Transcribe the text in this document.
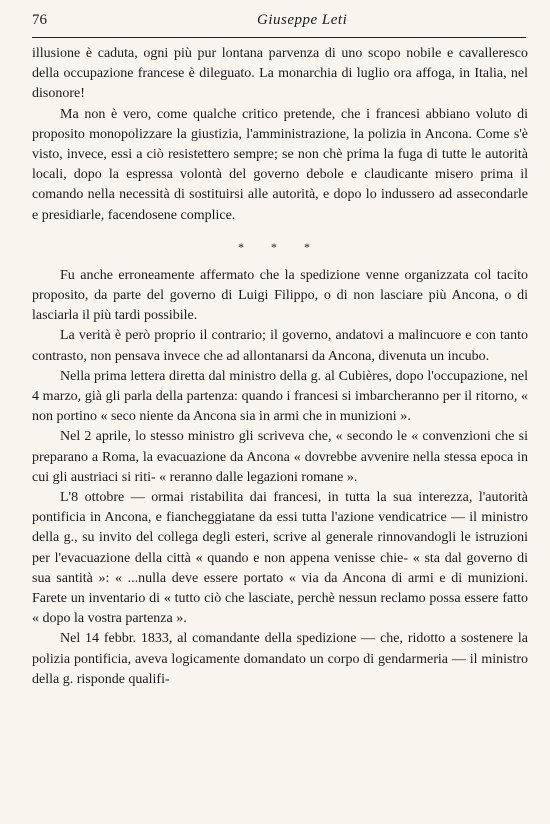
76	Giuseppe Leti

illusione è caduta, ogni più pur lontana parvenza di uno scopo nobile e cavalleresco della occupazione francese è dileguato. La monarchia di luglio ora affoga, in Italia, nel disonore!

Ma non è vero, come qualche critico pretende, che i francesi abbiano voluto di proposito monopolizzare la giustizia, l'amministrazione, la polizia in Ancona. Come s'è visto, invece, essi a ciò resistettero sempre; se non chè prima la fuga di tutte le autorità locali, dopo la espressa volontà del governo debole e claudicante misero prima il comando nella necessità di sostituirsi alle autorità, e dopo lo indussero ad assecondarle e presidiarle, facendosene complice.

* * *

Fu anche erroneamente affermato che la spedizione venne organizzata col tacito proposito, da parte del governo di Luigi Filippo, o di non lasciare più Ancona, o di lasciarla il più tardi possibile.

La verità è però proprio il contrario; il governo, andatovi a malincuore e con tanto contrasto, non pensava invece che ad allontanarsi da Ancona, divenuta un incubo.

Nella prima lettera diretta dal ministro della g. al Cubières, dopo l'occupazione, nel 4 marzo, già gli parla della partenza: quando i francesi si imbarcheranno per il ritorno, « non portino « seco niente da Ancona sia in armi che in munizioni ».

Nel 2 aprile, lo stesso ministro gli scriveva che, « secondo le « convenzioni che si preparano a Roma, la evacuazione da Ancona « dovrebbe avvenire nella stessa epoca in cui gli austriaci si riti- « reranno dalle legazioni romane ».

L'8 ottobre — ormai ristabilita dai francesi, in tutta la sua interezza, l'autorità pontificia in Ancona, e fiancheggiatane da essi tutta l'azione vendicatrice — il ministro della g., su invito del collega degli esteri, scrive al generale rinnovandogli le istruzioni per l'evacuazione della città « quando e non appena venisse chie- « sta dal governo di sua santità »: « ...nulla deve essere portato « via da Ancona di armi e di munizioni. Farete un inventario di « tutto ciò che lasciate, perchè nessun reclamo possa essere fatto « dopo la vostra partenza ».

Nel 14 febbr. 1833, al comandante della spedizione — che, ridotto a sostenere la polizia pontificia, aveva logicamente domandato un corpo di gendarmeria — il ministro della g. risponde qualifi-
